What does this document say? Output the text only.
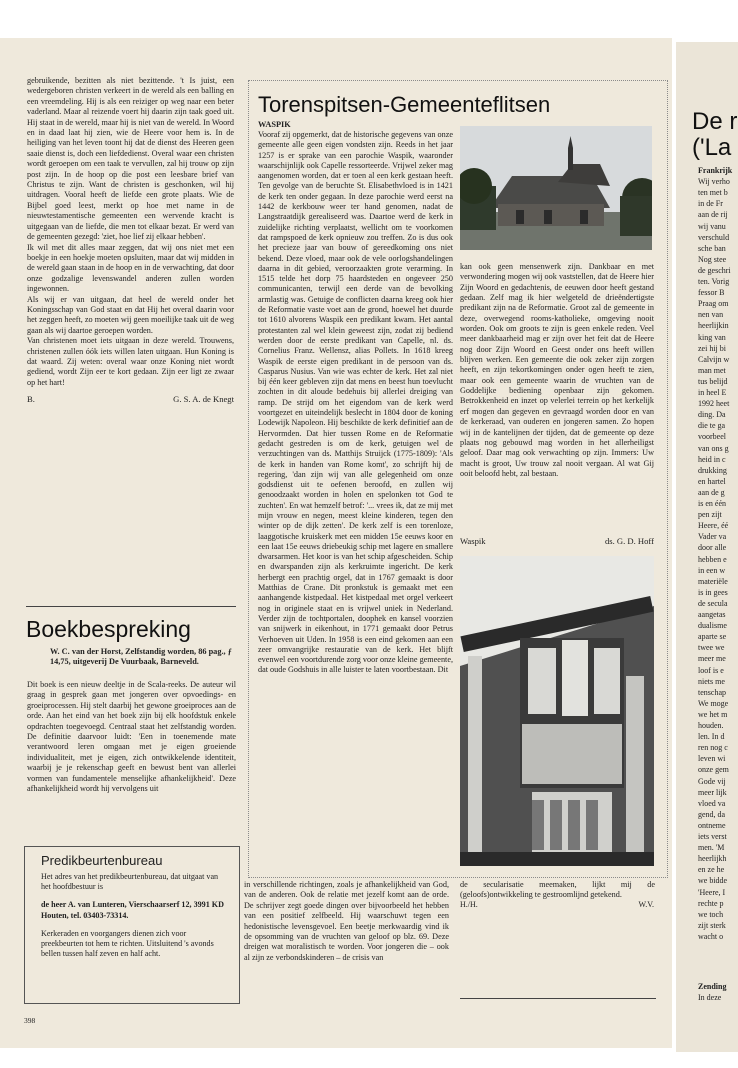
gebruikende, bezitten als niet bezittende. 't Is juist, een wedergeboren christen verkeert in de wereld als een balling en een vreemdeling. Hij is als een reiziger op weg naar een beter vaderland. Maar al reizende voert hij daarin zijn taak goed uit. Hij staat in de wereld, maar hij is niet van de wereld. In Woord en in daad laat hij zien, wie de Heere voor hem is. In de heiliging van het leven toont hij dat de dienst des Heeren geen saaie dienst is, doch een liefdedienst. Overal waar een christen wordt geroepen om een taak te vervullen, zal hij trouw op zijn post zijn. In de hoop op die post een leesbare brief van Christus te zijn. Want de christen is geschonken, wil hij uitdragen. Vooral heeft de liefde een grote plaats. Wie de Bijbel goed leest, merkt op hoe met name in de nieuwtestamentische gemeenten een wervende kracht is uitgegaan van de liefde, die men tot elkaar bezat. Er werd van de gemeenten gezegd: 'ziet, hoe lief zij elkaar hebben'.

Ik wil met dit alles maar zeggen, dat wij ons niet met een boekje in een hoekje moeten opsluiten, maar dat wij midden in de wereld gaan staan in de hoop en in de verwachting, dat door onze godzalige levenswandel anderen zullen worden ingewonnen.

Als wij er van uitgaan, dat heel de wereld onder het Koningsschap van God staat en dat Hij het overal daarin voor het zeggen heeft, zo moeten wij geen moeilijke taak uit de weg gaan als wij daartoe geroepen worden.

Van christenen moet iets uitgaan in deze wereld. Trouwens, christenen zullen óók iets willen laten uitgaan. Hun Koning is dat waard. Zij weten: overal waar onze Koning niet wordt gediend, wordt Zijn eer te kort gedaan. Zijn eer ligt ze zwaar op het hart!

B.	G. S. A. de Knegt
Boekbespreking
W. C. van der Horst, Zelfstandig worden, 86 pag., ƒ 14,75, uitgeverij De Vuurbaak, Barneveld.
Dit boek is een nieuw deeltje in de Scala-reeks. De auteur wil graag in gesprek gaan met jongeren over opvoedings- en groeiprocessen. Hij stelt daarbij het gewone groeiproces aan de orde. Aan het eind van het boek zijn bij elk hoofdstuk enkele opdrachten toegevoegd. Centraal staat het zelfstandig worden. De definitie daarvoor luidt: 'Een in toenemende mate verantwoord leren omgaan met je eigen groeiende individualiteit, met je eigen, zich ontwikkelende identiteit, waarbij je je rekenschap geeft en bewust bent van allerlei vormen van fundamentele menselijke afhankelijkheid'. Deze afhankelijkheid wordt hij vervolgens uit
Predikbeurtenbureau

Het adres van het predikbeurtenbureau, dat uitgaat van het hoofdbestuur is

de heer A. van Lunteren, Vierschaarserf 12, 3991 KD Houten, tel. 03403-73314.

Kerkeraden en voorgangers dienen zich voor preekbeurten tot hem te richten. Uitsluitend 's avonds bellen tussen half zeven en half acht.

Torenspitsen-Gemeenteflitsen
WASPIK
Vooraf zij opgemerkt, dat de historische gegevens van onze gemeente alle geen eigen vondsten zijn. Reeds in het jaar 1257 is er sprake van een parochie Waspik, waaronder waarschijnlijk ook Capelle ressorteerde. Vrijwel zeker mag aangenomen worden, dat er toen al een kerk gestaan heeft. Ten gevolge van de beruchte St. Elisabethvloed is in 1421 de kerk ten onder gegaan. In deze parochie werd eerst na 1442 de kerkbouw weer ter hand genomen, nadat de Langstraatdijk gerealiseerd was. Daartoe werd de kerk in zuidelijke richting verplaatst, wellicht om te voorkomen dat rampspoed de kerk opnieuw zou treffen. Zo is dus ook het precieze jaar van bouw of gereedkoming ons niet bekend. Deze vloed, maar ook de vele oorlogshandelingen daarna in dit gebied, veroorzaakten grote verarming. In 1515 telde het dorp 75 haardsteden en ongeveer 250 communicanten, terwijl een derde van de bevolking armlastig was. Getuige de conflicten daarna kreeg ook hier de Reformatie vaste voet aan de grond, hoewel het duurde tot 1610 alvorens Waspik een predikant kwam. Het aantal protestanten zal wel klein geweest zijn, zodat zij bediend werden door de eerste predikant van Capelle, nl. ds. Cornelius Franz. Wellensz, alias Pollets. In 1618 kreeg Waspik de eerste eigen predikant in de persoon van ds. Casparus Nusius. Van wie was echter de kerk. Het zal niet bij één keer gebleven zijn dat mens en beest hun toevlucht zochten in dit aloude bedehuis bij allerlei dreiging van ramp. De strijd om het eigendom van de kerk werd voortgezet en uiteindelijk beslecht in 1804 door de koning Lodewijk Napoleon. Hij beschikte de kerk definitief aan de Hervormden. Dat hier tussen Rome en de Reformatie gedacht gestreden is om de kerk, getuigen wel de verzuchtingen van ds. Matthijs Struijck (1775-1809): 'Als de kerk in handen van Rome komt', zo schrijft hij de regering, 'dan zijn wij van alle gelegenheid om onze godsdienst uit te oefenen beroofd, en zullen wij genoodzaakt worden in holen en spelonken tot God te zuchten'. En wat hemzelf betrof: '... vrees ik, dat ze mij met mijn vrouw en negen, meest kleine kinderen, tegen den winter op de dijk zetten'. De kerk zelf is een torenloze, laaggotische kruiskerk met een midden 15e eeuws koor en een laat 15e eeuws driebeukig schip met lagere en smallere dwarsarmen. Het koor is van het schip afgescheiden. Schip en dwarspanden zijn als kerkruimte ingericht. De kerk herbergt een prachtig orgel, dat in 1767 gemaakt is door Matthias de Crane. Dit pronkstuk is gemaakt met een aanhangende kistpedaal. Het kistpedaal met orgel verkeert nog in originele staat en is vrijwel uniek in Nederland. Verder zijn de tochtportalen, doophek en kansel voorzien van snijwerk in eikenhout, in 1771 gemaakt door Petrus Verhoeven uit Uden. In 1958 is een eind gekomen aan een zeer omvangrijke restauratie van de kerk. Het blijft evenwel een voortdurende zorg voor onze kleine gemeente, dat oude Godshuis in alle luister te laten voortbestaan. Dit
kan ook geen mensenwerk zijn. Dankbaar en met verwondering mogen wij ook vaststellen, dat de Heere hier Zijn Woord en gedachtenis, de eeuwen door heeft gestand gedaan. Zelf mag ik hier welgeteld de drieëndertigste predikant zijn na de Reformatie. Groot zal de gemeente in deze, overwegend rooms-katholieke, omgeving nooit worden. Ook om groots te zijn is geen enkele reden. Veel meer dankbaarheid mag er zijn over het feit dat de Heere nog door Zijn Woord en Geest onder ons heeft willen blijven werken. Een gemeente die ook zeker zijn zorgen heeft, en zijn tekortkomingen onder ogen heeft te zien, maar ook een gemeente waarin de vruchten van de Goddelijke bediening openbaar zijn gekomen. Betrokkenheid en inzet op velerlei terrein op het kerkelijk erf mogen dan gegeven en gevraagd worden door en van de kerkeraad, van ouderen en jongeren samen. Zo hopen wij in de kantelijnen der tijden, dat de gemeente op deze plaats nog gebouwd mag worden in het allerheiligst geloof. Daar mag ook verwachting op zijn. Immers: Uw macht is groot, Uw trouw zal nooit vergaan. Al wat Gij ooit beloofd hebt, zal bestaan.
Waspik	ds. G. D. Hoff
in verschillende richtingen, zoals je afhankelijkheid van God, van de anderen. Ook de relatie met jezelf komt aan de orde. De schrijver zegt goede dingen over bijvoorbeeld het hebben van een positief zelfbeeld. Hij waarschuwt tegen een hedonistische levensgevoel. Een beetje merkwaardig vind ik de opsomming van de vruchten van geloof op blz. 69. Deze dreigen wat moralistisch te worden. Voor jongeren die – ook al zijn ze verbondskinderen – de crisis van
de secularisatie meemaken, lijkt mij de (geloofs)ontwikkeling te gestroomlijnd getekend.
H./H.	W.V.
398
De r
('La
Frankrijk
Wij verho
ten met b
in de Fr
aan de rij
wij vanu
verschuld
sche ban
Nog stee
de geschri
ten. Vorig
fessor B
Praag om
nen van
heerlijkin
king van
zei hij bi
Calvijn w
man met
tus belijd
in heel E
1992 heet
ding. Da
die te ga
voorbeel
van ons g
heid in c
drukking
en hartel
aan de g
is en één
pen zijt
Heere, éé
Vader va
door alle
hebben e
in een w
materiële
is in gees
de secula
aangetas
dualisme
aparte se
twee we
meer me
loof is e
niets me
tenschap
We moge
we het m
houden.
len. In d
ren nog c
leven wi
onze gem
Gode vij
meer lijk
vloed va
gend, da
ontneme
iets verst
men. 'M
heerlijkh
en ze he
we bidde
'Heere, I
rechte p
we toch
zijt sterk
wacht o
Zending
In deze
